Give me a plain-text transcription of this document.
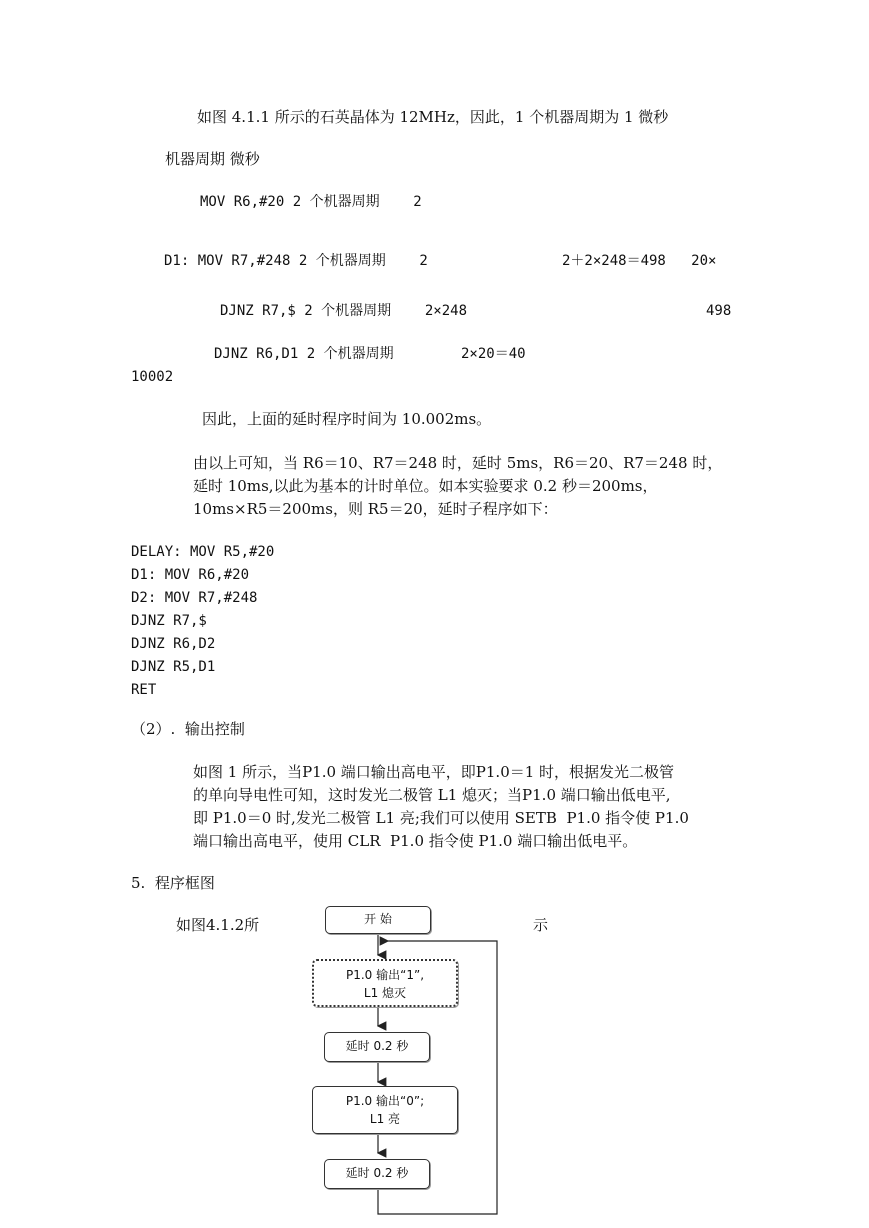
如图 4.1.1 所示的石英晶体为 12MHz，因此，1 个机器周期为 1 微秒
机器周期 微秒
MOV R6,#20 2 个机器周期    2
D1: MOV R7,#248 2 个机器周期    2	2＋2×248＝498   20×
DJNZ R7,$ 2 个机器周期    2×248	498
DJNZ R6,D1 2 个机器周期        2×20＝40
10002
因此，上面的延时程序时间为 10.002ms。
由以上可知，当 R6＝10、R7＝248 时，延时 5ms，R6＝20、R7＝248 时，
延时 10ms,以此为基本的计时单位。如本实验要求 0.2 秒＝200ms，
10ms×R5＝200ms，则 R5＝20，延时子程序如下：
DELAY: MOV R5,#20
D1: MOV R6,#20
D2: MOV R7,#248
DJNZ R7,$
DJNZ R6,D2
DJNZ R5,D1
RET
（2）.  输出控制
如图 1 所示，当P1.0 端口输出高电平，即P1.0＝1 时，根据发光二极管
的单向导电性可知，这时发光二极管 L1 熄灭；当P1.0 端口输出低电平,
即 P1.0＝0 时,发光二极管 L1 亮;我们可以使用 SETB  P1.0 指令使 P1.0
端口输出高电平，使用 CLR  P1.0 指令使 P1.0 端口输出低电平。
5.  程序框图
如图4.1.2所	示
开 始
P1.0 输出“1”,
L1 熄灭
延时 0.2 秒
P1.0 输出“0”;
L1 亮
延时 0.2 秒
